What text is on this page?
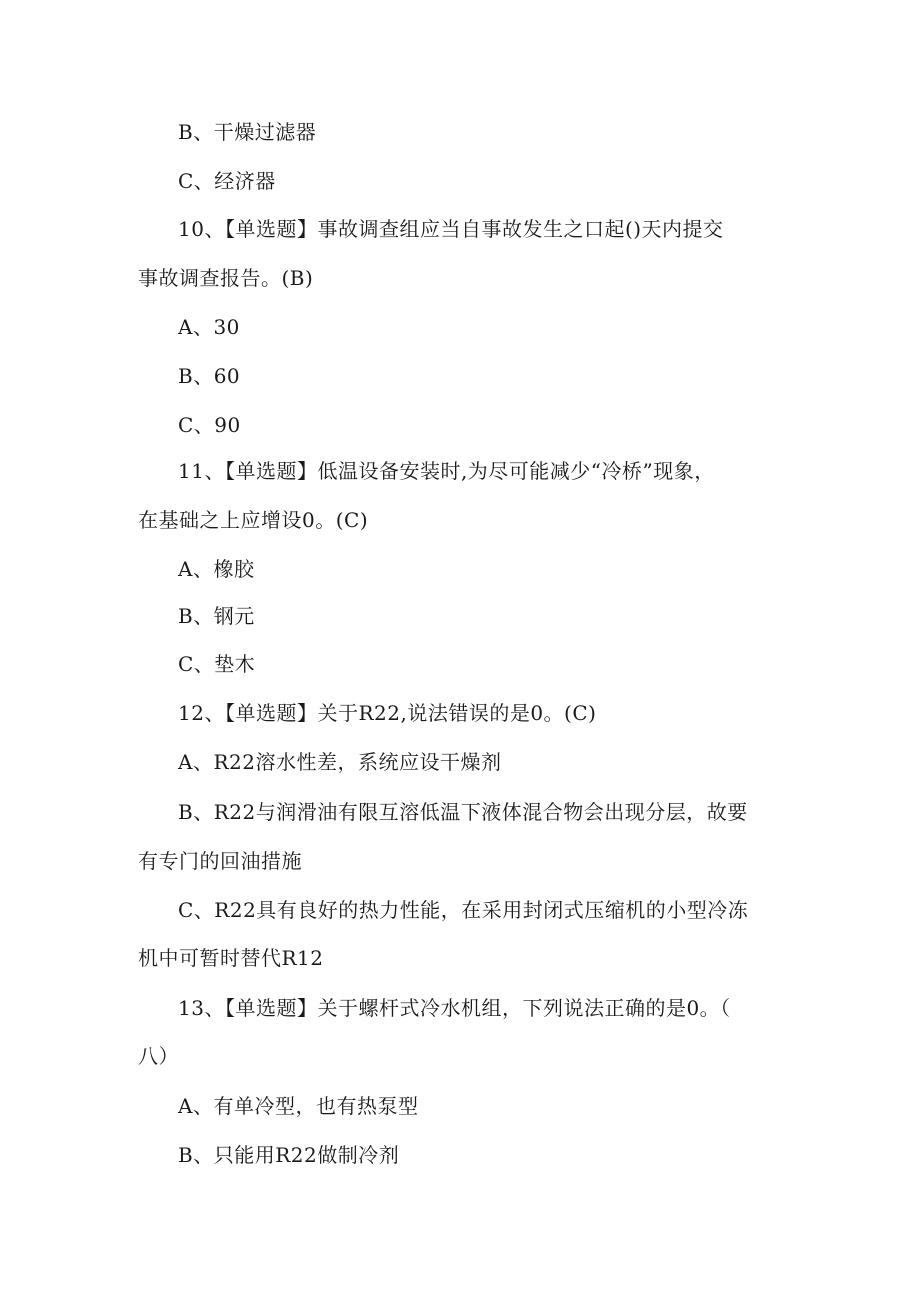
B、干燥过滤器
C、经济器
10、【单选题】事故调查组应当自事故发生之口起()天内提交
事故调查报告。(B)
A、30
B、60
C、90
11、【单选题】低温设备安装时,为尽可能减少“冷桥”现象，
在基础之上应增设0。(C)
A、橡胶
B、钢元
C、垫木
12、【单选题】关于R22,说法错误的是0。(C)
A、R22溶水性差，系统应设干燥剂
B、R22与润滑油有限互溶低温下液体混合物会出现分层，故要
有专门的回油措施
C、R22具有良好的热力性能，在采用封闭式压缩机的小型冷冻
机中可暂时替代R12
13、【单选题】关于螺杆式冷水机组，下列说法正确的是0。（
八）
A、有单冷型，也有热泵型
B、只能用R22做制冷剂
